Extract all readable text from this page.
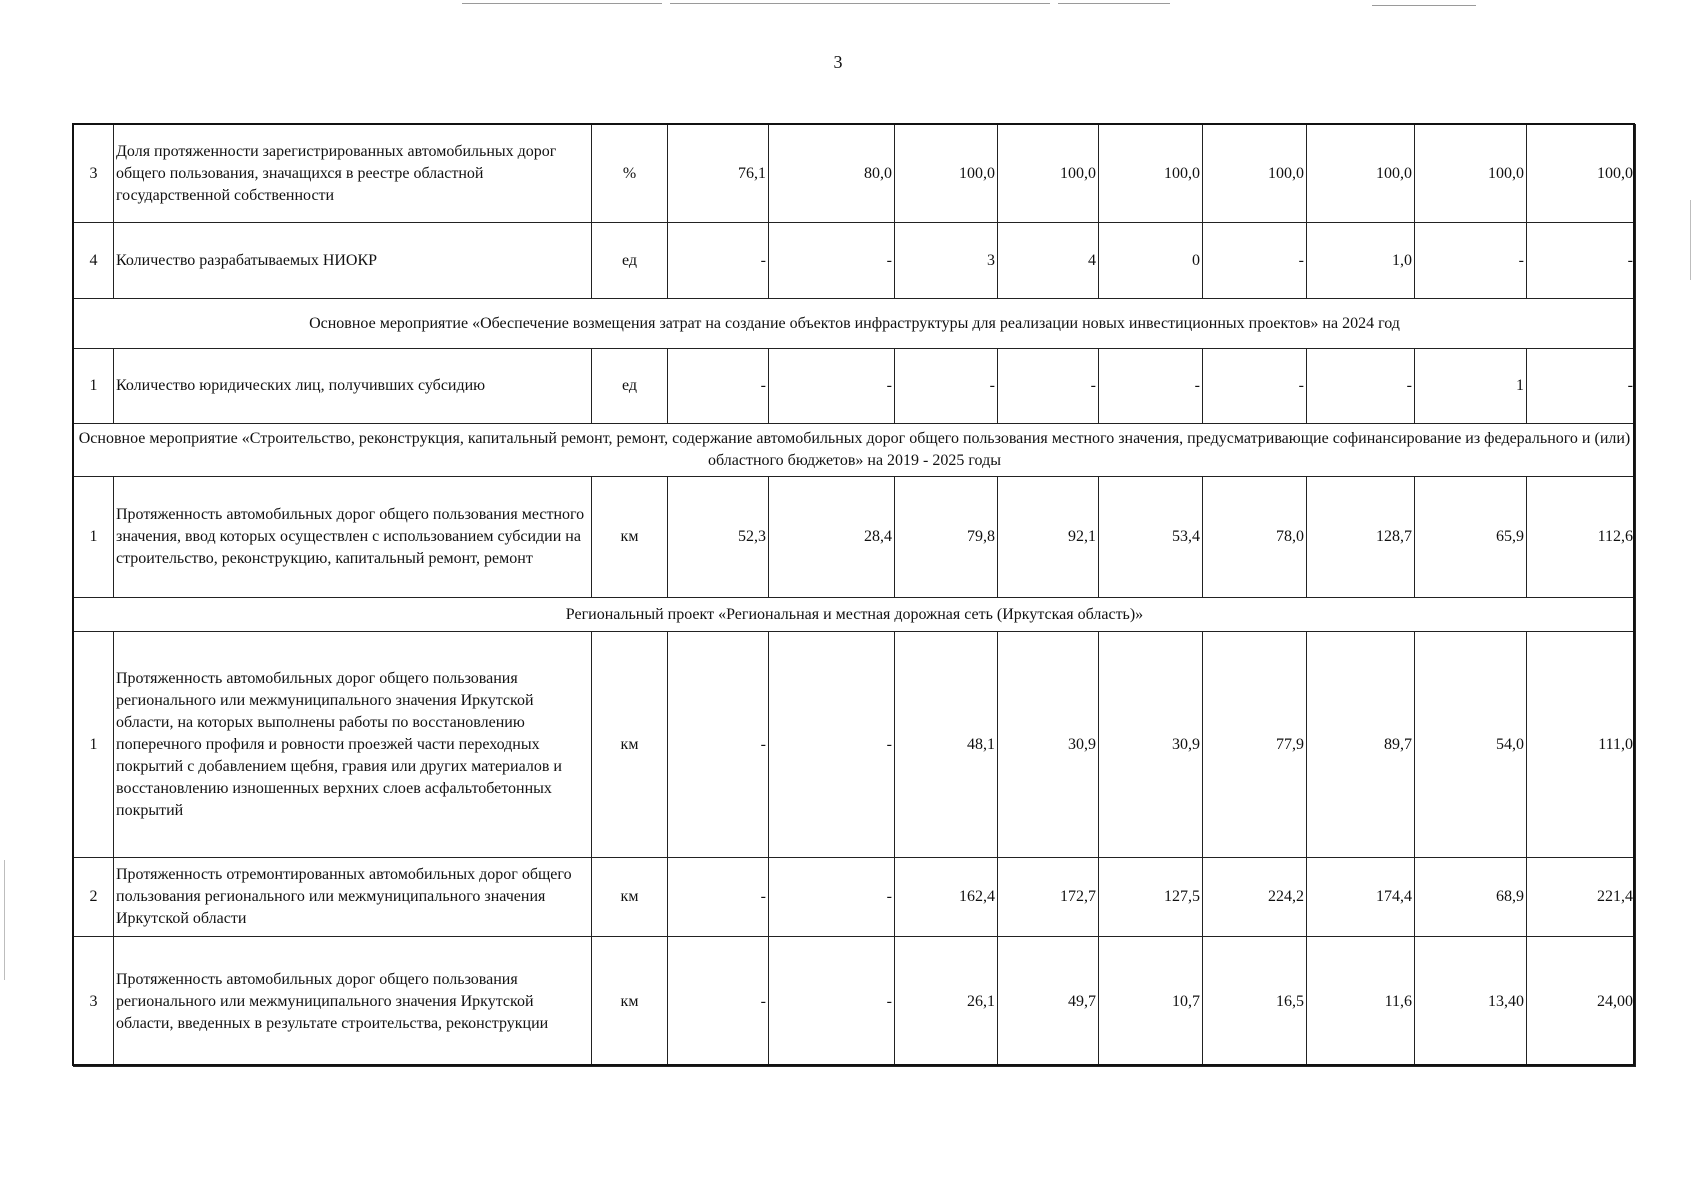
3
3	Доля протяженности зарегистрированных автомобильных дорог общего пользования, значащихся в реестре областной государственной собственности	%	76,1	80,0	100,0	100,0	100,0	100,0	100,0	100,0	100,0
4	Количество разрабатываемых НИОКР	ед	-	-	3	4	0	-	1,0	-	-
Основное мероприятие «Обеспечение возмещения затрат на создание объектов инфраструктуры для реализации новых инвестиционных проектов» на 2024 год											
1	Количество юридических лиц, получивших субсидию	ед	-	-	-	-	-	-	-	1	-
Основное мероприятие «Строительство, реконструкция, капитальный ремонт, ремонт, содержание автомобильных дорог общего пользования местного значения, предусматривающие софинансирование из федерального и (или) областного бюджетов» на 2019 - 2025 годы											
1	Протяженность автомобильных дорог общего пользования местного значения, ввод которых осуществлен с использованием субсидии на строительство, реконструкцию, капитальный ремонт, ремонт	км	52,3	28,4	79,8	92,1	53,4	78,0	128,7	65,9	112,6
Региональный проект «Региональная и местная дорожная сеть (Иркутская область)»											
1	Протяженность автомобильных дорог общего пользования регионального или межмуниципального значения Иркутской области, на которых выполнены работы по восстановлению поперечного профиля и ровности проезжей части переходных покрытий с добавлением щебня, гравия или других материалов и восстановлению изношенных верхних слоев асфальтобетонных покрытий	км	-	-	48,1	30,9	30,9	77,9	89,7	54,0	111,0
2	Протяженность отремонтированных автомобильных дорог общего пользования регионального или межмуниципального значения Иркутской области	км	-	-	162,4	172,7	127,5	224,2	174,4	68,9	221,4
3	Протяженность автомобильных дорог общего пользования регионального или межмуниципального значения Иркутской области, введенных в результате строительства, реконструкции	км	-	-	26,1	49,7	10,7	16,5	11,6	13,40	24,00
